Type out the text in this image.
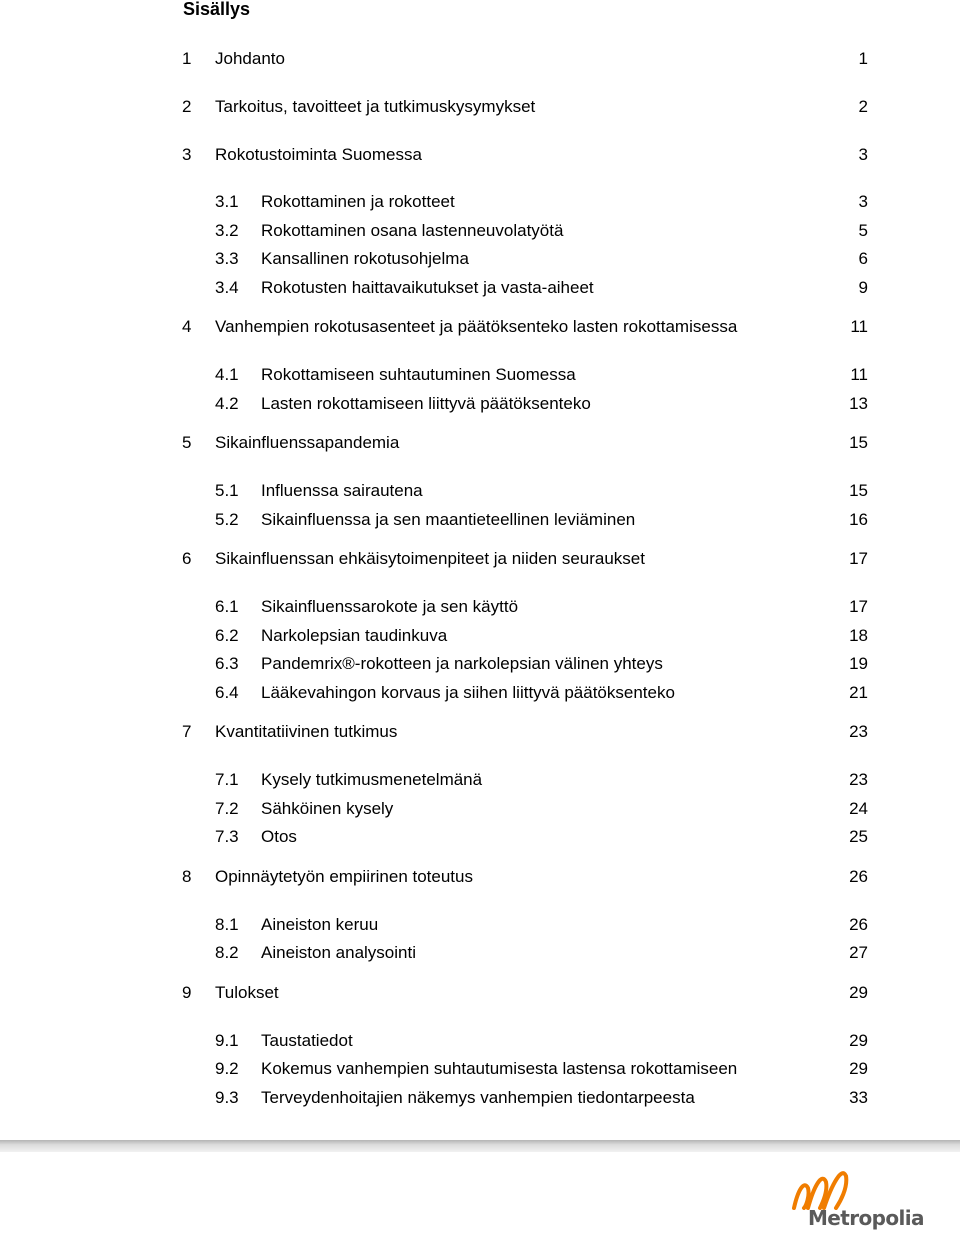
Sisällys
1 Johdanto	1
2 Tarkoitus, tavoitteet ja tutkimuskysymykset	2
3 Rokotustoiminta Suomessa	3
3.1 Rokottaminen ja rokotteet	3
3.2 Rokottaminen osana lastenneuvolatyötä	5
3.3 Kansallinen rokotusohjelma	6
3.4 Rokotusten haittavaikutukset ja vasta-aiheet	9
4 Vanhempien rokotusasenteet ja päätöksenteko lasten rokottamisessa	11
4.1 Rokottamiseen suhtautuminen Suomessa	11
4.2 Lasten rokottamiseen liittyvä päätöksenteko	13
5 Sikainfluenssapandemia	15
5.1 Influenssa sairautena	15
5.2 Sikainfluenssa ja sen maantieteellinen leviäminen	16
6 Sikainfluenssan ehkäisytoimenpiteet ja niiden seuraukset	17
6.1 Sikainfluenssarokote ja sen käyttö	17
6.2 Narkolepsian taudinkuva	18
6.3 Pandemrix®-rokotteen ja narkolepsian välinen yhteys	19
6.4 Lääkevahingon korvaus ja siihen liittyvä päätöksenteko	21
7 Kvantitatiivinen tutkimus	23
7.1 Kysely tutkimusmenetelmänä	23
7.2 Sähköinen kysely	24
7.3 Otos	25
8 Opinnäytetyön empiirinen toteutus	26
8.1 Aineiston keruu	26
8.2 Aineiston analysointi	27
9 Tulokset	29
9.1 Taustatiedot	29
9.2 Kokemus vanhempien suhtautumisesta lastensa rokottamiseen	29
9.3 Terveydenhoitajien näkemys vanhempien tiedontarpeesta	33
Metropolia
